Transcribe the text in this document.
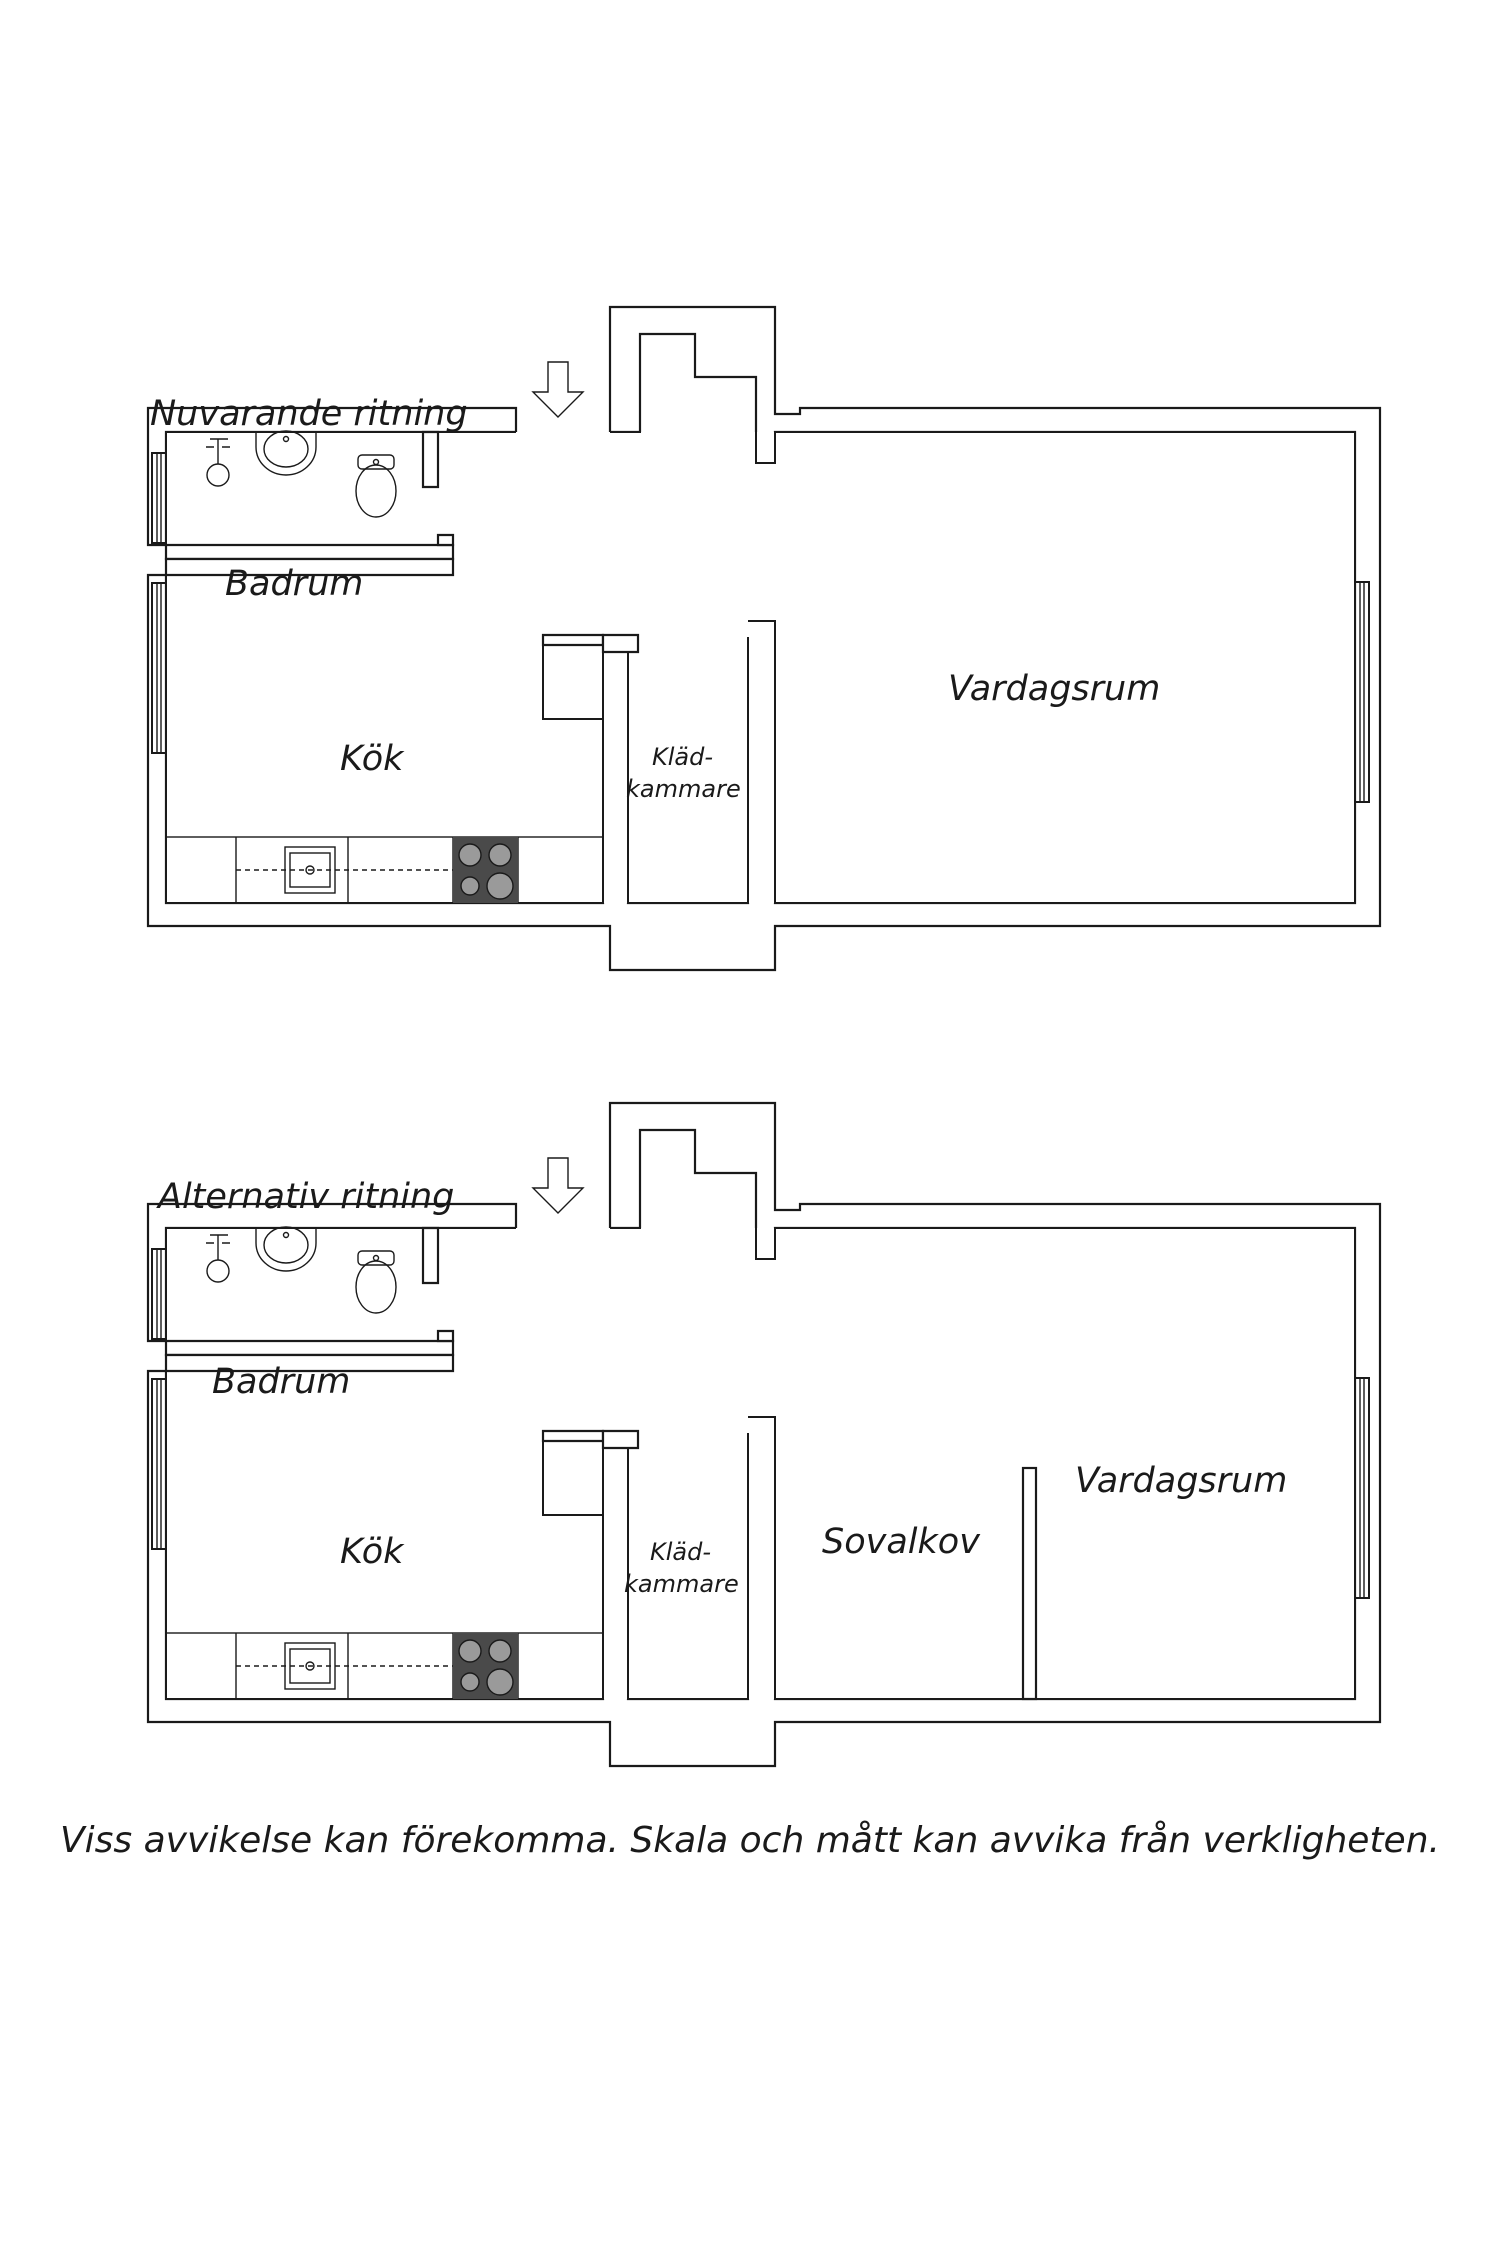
Nuvarande ritning
Alternativ ritning
Badrum
Kök	Kläd-
kammare
Vardagsrum
Badrum
Kök	Kläd-
kammare
Sovalkov
Vardagsrum
Viss avvikelse kan förekomma. Skala och mått kan avvika från verkligheten.
